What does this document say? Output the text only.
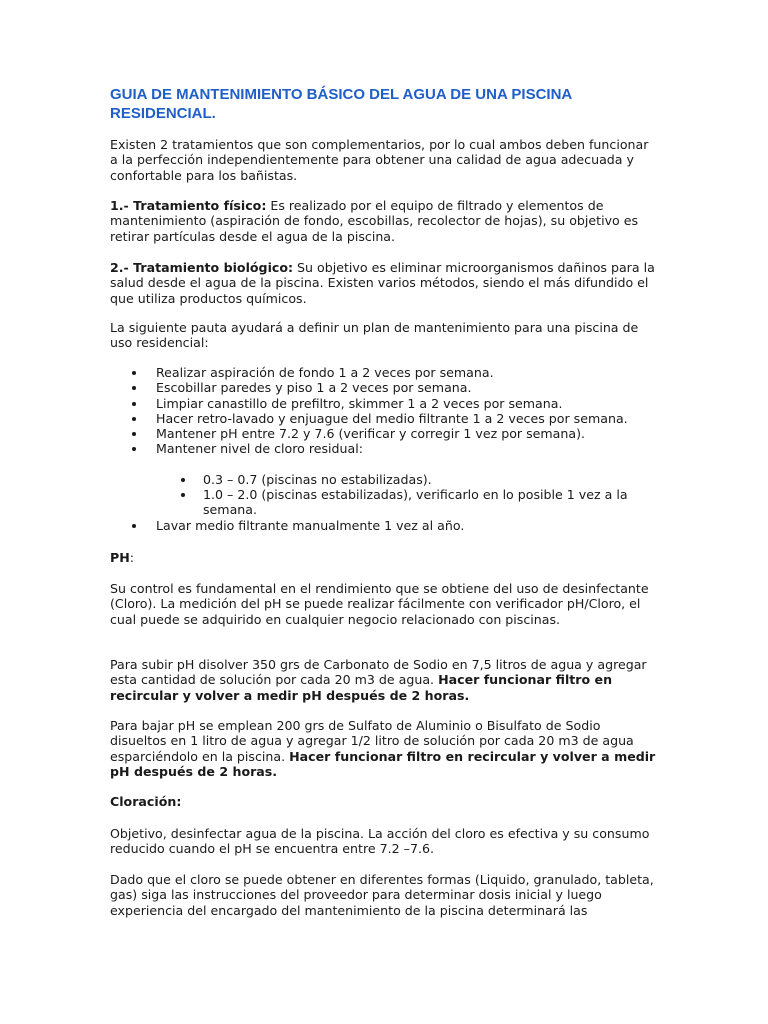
GUIA DE MANTENIMIENTO BÁSICO DEL AGUA DE UNA PISCINA RESIDENCIAL.
Existen 2 tratamientos que son complementarios, por lo cual ambos deben funcionar a la perfección independientemente para obtener una calidad de agua adecuada y confortable para los bañistas.
1.- Tratamiento físico: Es realizado por el equipo de filtrado y elementos de mantenimiento (aspiración de fondo, escobillas, recolector de hojas), su objetivo es retirar partículas desde el agua de la piscina.
2.- Tratamiento biológico: Su objetivo es eliminar microorganismos dañinos para la salud desde el agua de la piscina. Existen varios métodos, siendo el más difundido el que utiliza productos químicos.
La siguiente pauta ayudará a definir un plan de mantenimiento para una piscina de uso residencial:
Realizar aspiración de fondo 1 a 2 veces por semana.
Escobillar paredes y piso 1 a 2 veces por semana.
Limpiar canastillo de prefiltro, skimmer 1 a 2 veces por semana.
Hacer retro-lavado y enjuague del medio filtrante 1 a 2 veces por semana.
Mantener pH entre 7.2 y 7.6 (verificar y corregir 1 vez por semana).
Mantener nivel de cloro residual:
0.3 – 0.7 (piscinas no estabilizadas).
1.0 – 2.0 (piscinas estabilizadas), verificarlo en lo posible 1 vez a la semana.
Lavar medio filtrante manualmente 1 vez al año.
PH:
Su control es fundamental en el rendimiento que se obtiene del uso de desinfectante (Cloro). La medición del pH se puede realizar fácilmente con verificador pH/Cloro, el cual puede se adquirido en cualquier negocio relacionado con piscinas.
Para subir pH disolver 350 grs de Carbonato de Sodio en 7,5 litros de agua y agregar esta cantidad de solución por cada 20 m3 de agua. Hacer funcionar filtro en recircular y volver a medir pH después de 2 horas.
Para bajar pH se emplean 200 grs de Sulfato de Aluminio o Bisulfato de Sodio disueltos en 1 litro de agua y agregar 1/2 litro de solución por cada 20 m3 de agua esparciéndolo en la piscina. Hacer funcionar filtro en recircular y volver a medir pH después de 2 horas.
Cloración:
Objetivo, desinfectar agua de la piscina. La acción del cloro es efectiva y su consumo reducido cuando el pH se encuentra entre 7.2 –7.6.
Dado que el cloro se puede obtener en diferentes formas (Liquido, granulado, tableta, gas) siga las instrucciones del proveedor para determinar dosis inicial y luego experiencia del encargado del mantenimiento de la piscina determinará las
